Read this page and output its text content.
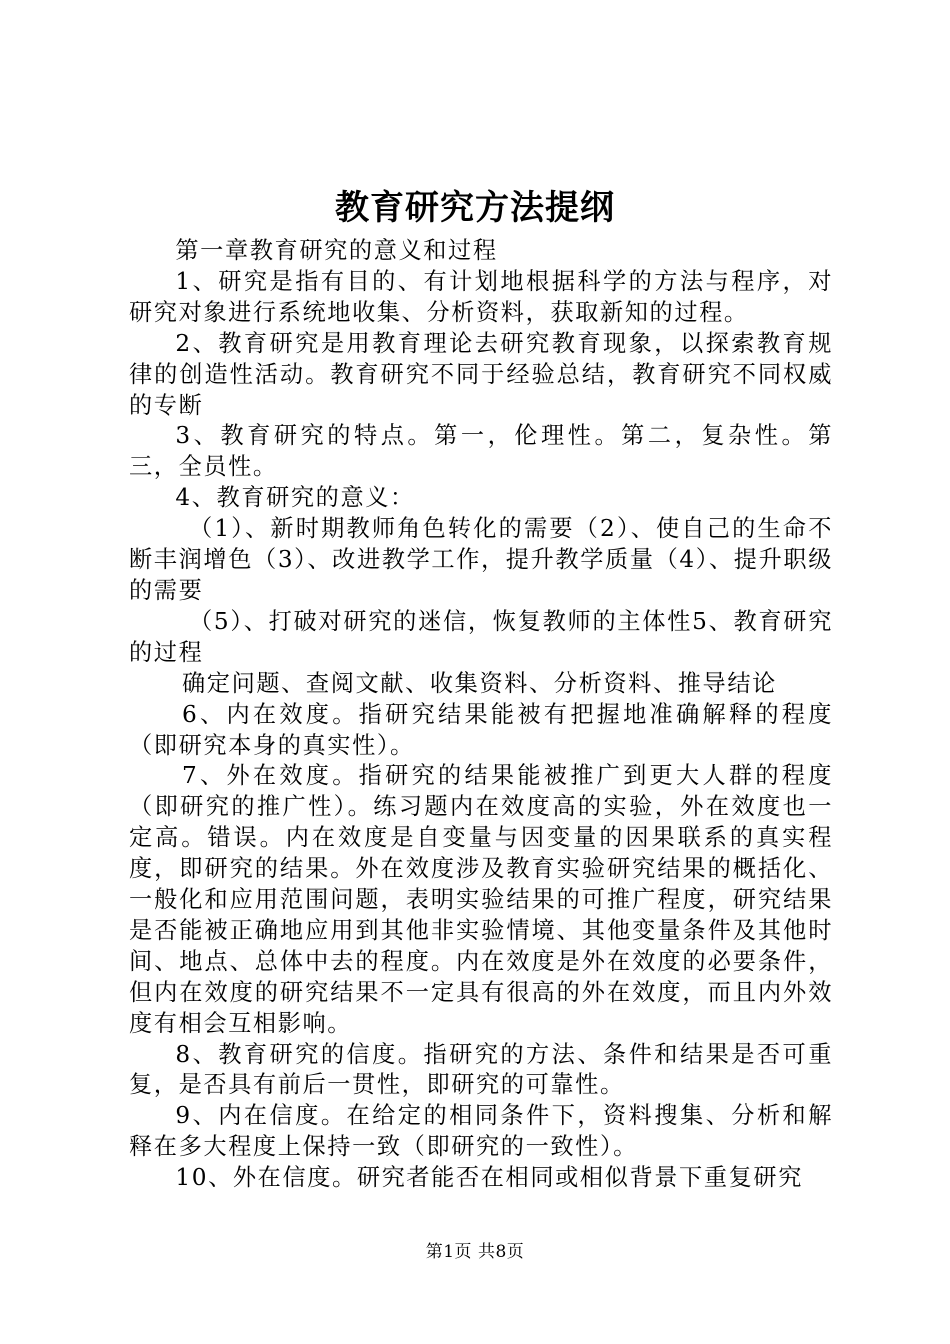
教育研究方法提纲

第一章教育研究的意义和过程

1、研究是指有目的、有计划地根据科学的方法与程序，对研究对象进行系统地收集、分析资料，获取新知的过程。

2、教育研究是用教育理论去研究教育现象，以探索教育规律的创造性活动。教育研究不同于经验总结，教育研究不同权威的专断

3、教育研究的特点。第一，伦理性。第二，复杂性。第三，全员性。

4、教育研究的意义：

（1）、新时期教师角色转化的需要（2）、使自己的生命不断丰润增色（3）、改进教学工作，提升教学质量（4）、提升职级的需要

（5）、打破对研究的迷信，恢复教师的主体性5、教育研究的过程

确定问题、查阅文献、收集资料、分析资料、推导结论

6、内在效度。指研究结果能被有把握地准确解释的程度（即研究本身的真实性）。

7、外在效度。指研究的结果能被推广到更大人群的程度（即研究的推广性）。练习题内在效度高的实验，外在效度也一定高。错误。内在效度是自变量与因变量的因果联系的真实程度，即研究的结果。外在效度涉及教育实验研究结果的概括化、一般化和应用范围问题，表明实验结果的可推广程度，研究结果是否能被正确地应用到其他非实验情境、其他变量条件及其他时间、地点、总体中去的程度。内在效度是外在效度的必要条件，但内在效度的研究结果不一定具有很高的外在效度，而且内外效度有相会互相影响。

8、教育研究的信度。指研究的方法、条件和结果是否可重复，是否具有前后一贯性，即研究的可靠性。

9、内在信度。在给定的相同条件下，资料搜集、分析和解释在多大程度上保持一致（即研究的一致性）。

10、外在信度。研究者能否在相同或相似背景下重复研究

第1页 共8页
